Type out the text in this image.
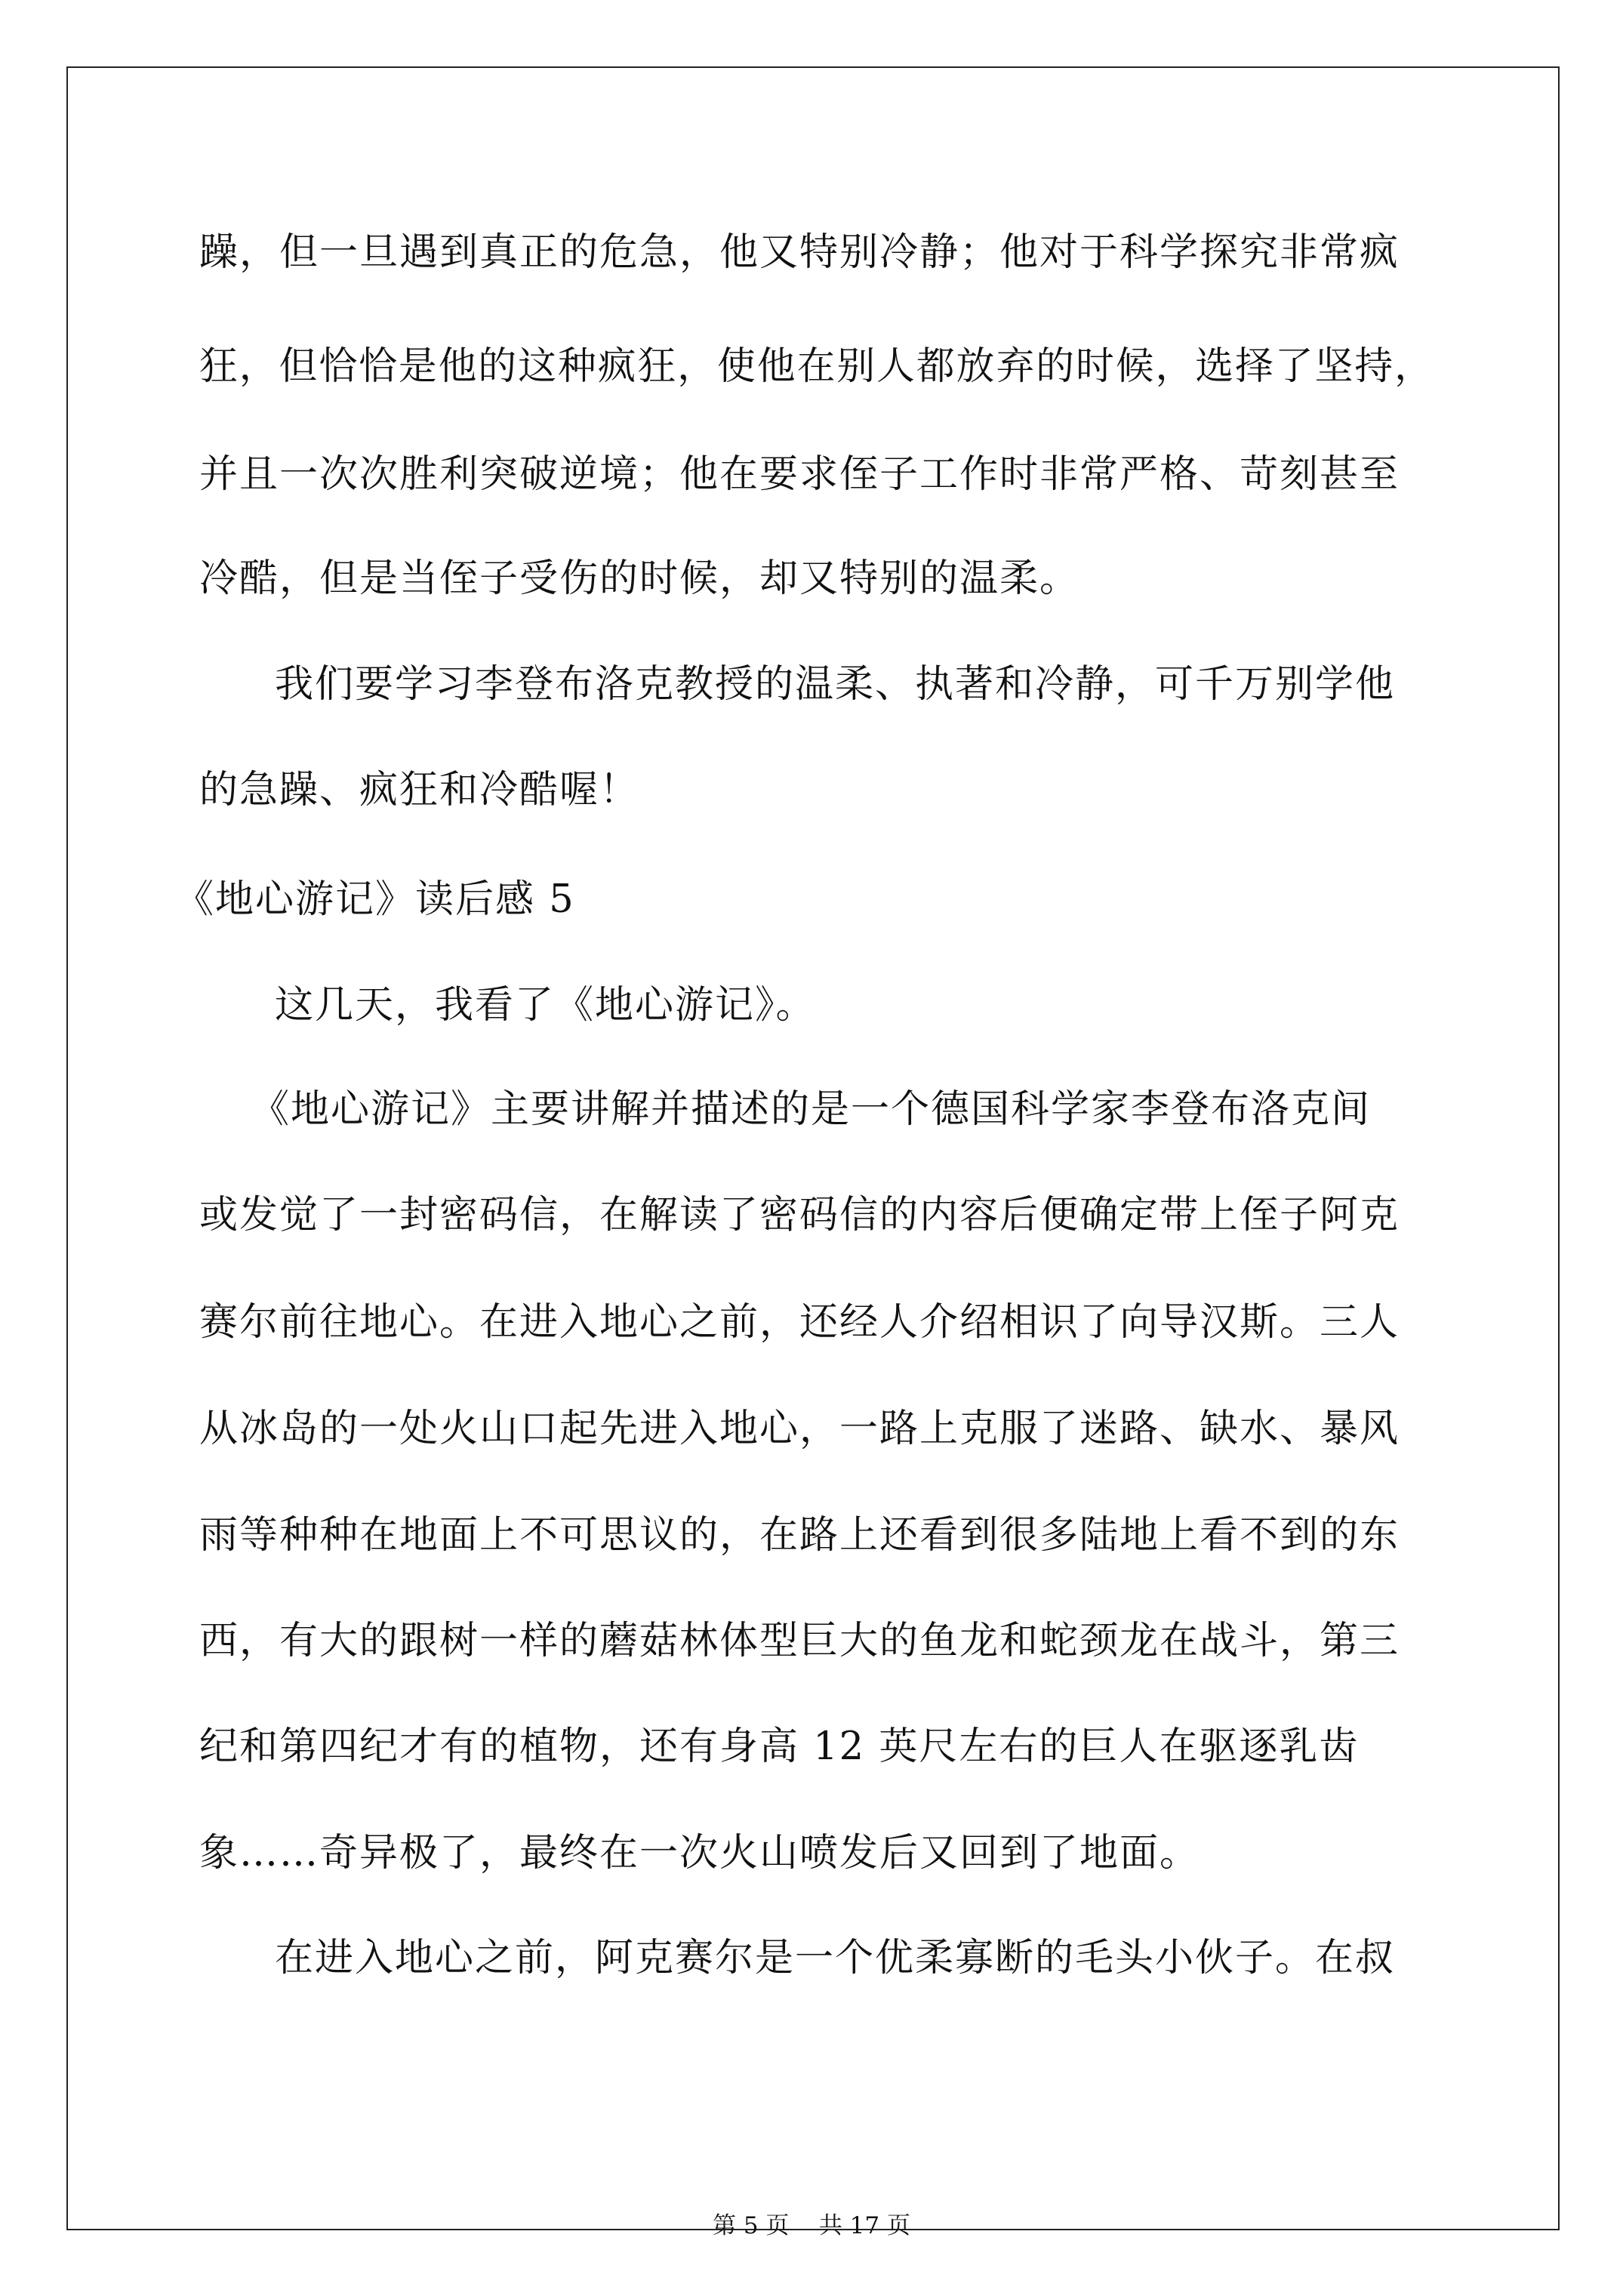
躁，但一旦遇到真正的危急，他又特别冷静；他对于科学探究非常疯

狂，但恰恰是他的这种疯狂，使他在别人都放弃的时候，选择了坚持，

并且一次次胜利突破逆境；他在要求侄子工作时非常严格、苛刻甚至

冷酷，但是当侄子受伤的时候，却又特别的温柔。

我们要学习李登布洛克教授的温柔、执著和冷静，可千万别学他

的急躁、疯狂和冷酷喔！

《地心游记》读后感 5

这几天，我看了《地心游记》。

《地心游记》主要讲解并描述的是一个德国科学家李登布洛克间

或发觉了一封密码信，在解读了密码信的内容后便确定带上侄子阿克

赛尔前往地心。在进入地心之前，还经人介绍相识了向导汉斯。三人

从冰岛的一处火山口起先进入地心，一路上克服了迷路、缺水、暴风

雨等种种在地面上不可思议的，在路上还看到很多陆地上看不到的东

西，有大的跟树一样的蘑菇林体型巨大的鱼龙和蛇颈龙在战斗，第三

纪和第四纪才有的植物，还有身高 12 英尺左右的巨人在驱逐乳齿

象……奇异极了，最终在一次火山喷发后又回到了地面。

在进入地心之前，阿克赛尔是一个优柔寡断的毛头小伙子。在叔

第 5 页    共 17 页
